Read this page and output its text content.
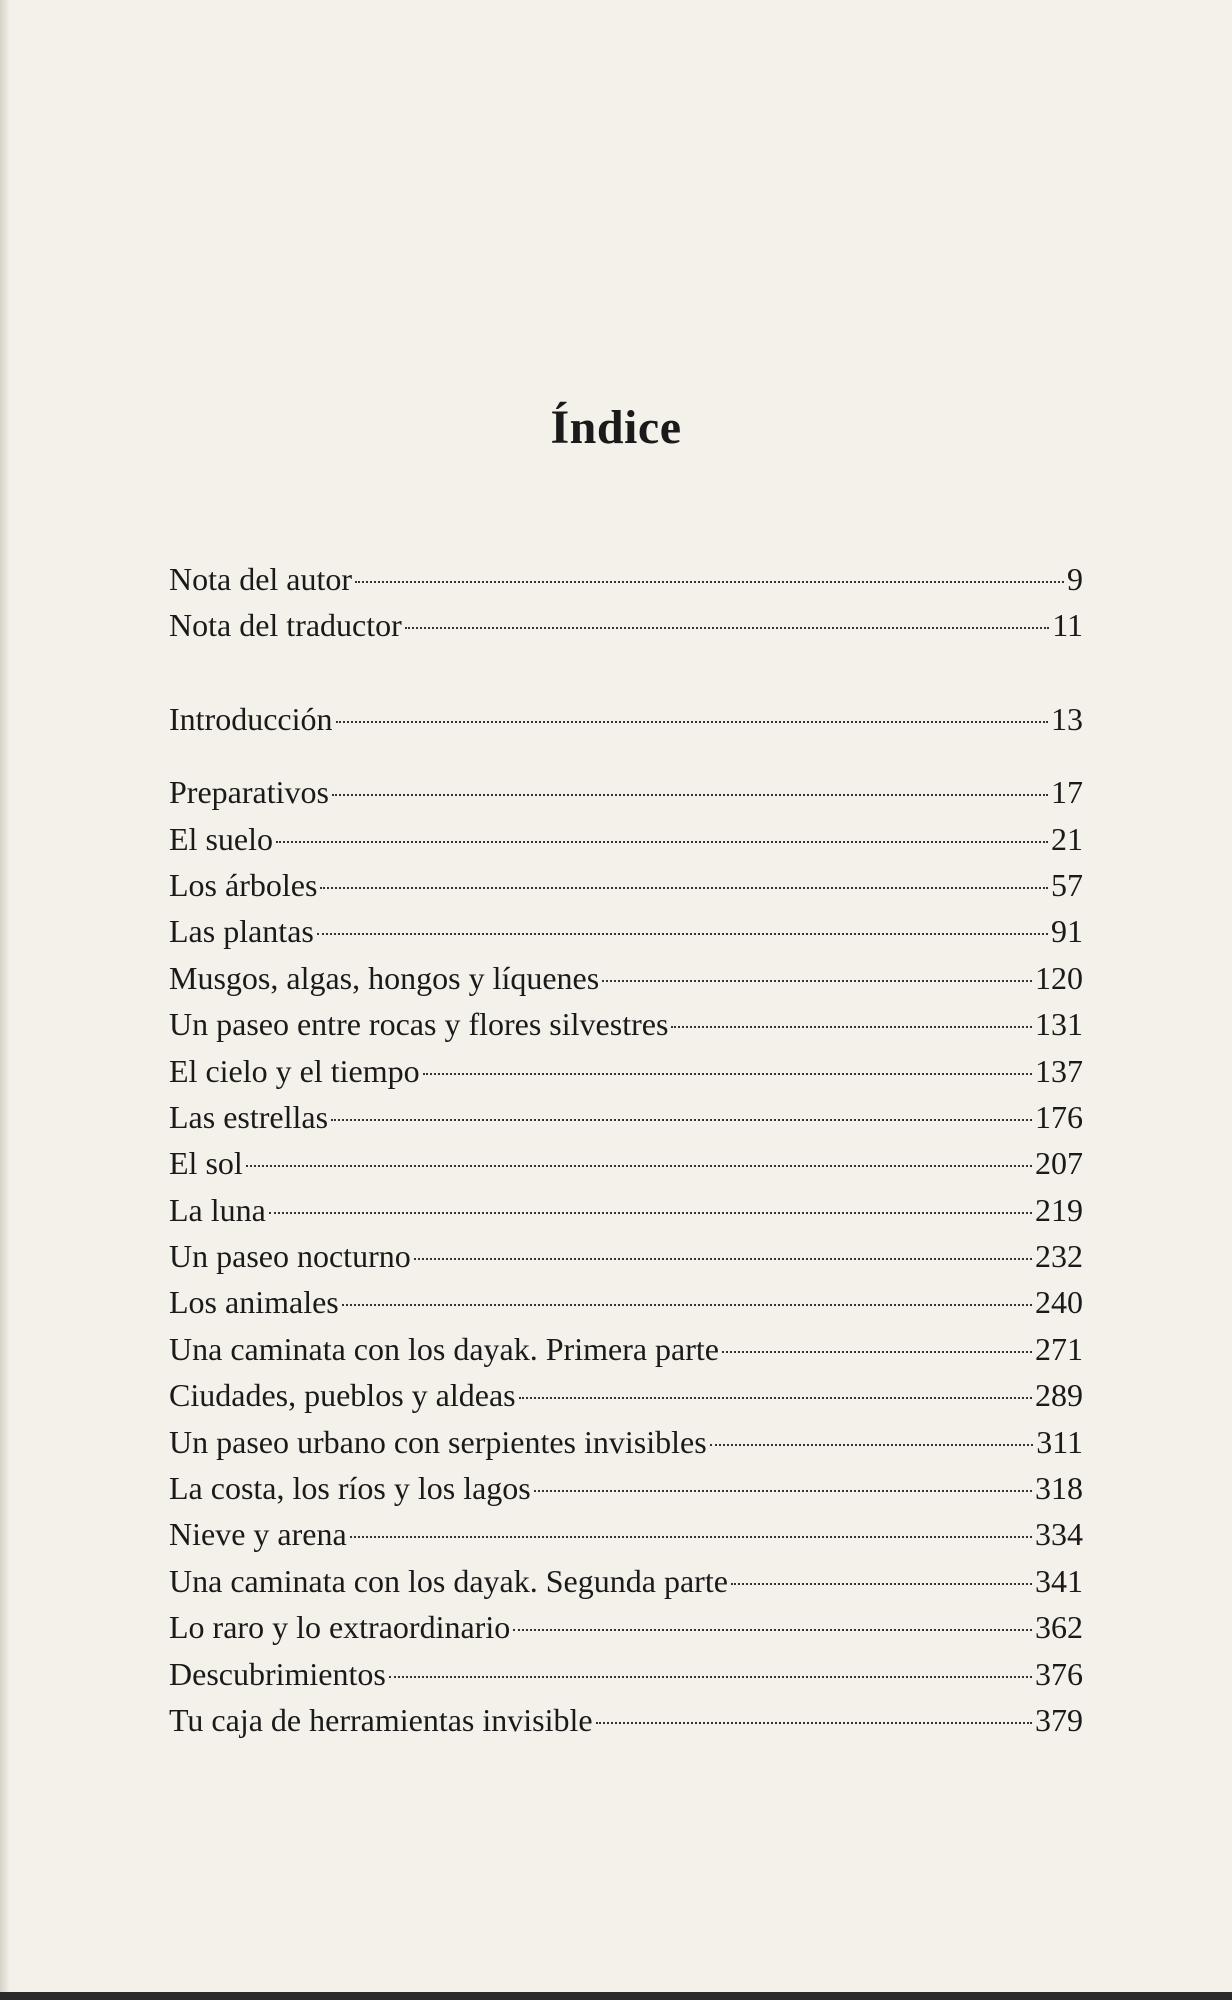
Índice
Nota del autor	9
Nota del traductor	11
Introducción	13
Preparativos	17
El suelo	21
Los árboles	57
Las plantas	91
Musgos, algas, hongos y líquenes	120
Un paseo entre rocas y flores silvestres	131
El cielo y el tiempo	137
Las estrellas	176
El sol	207
La luna	219
Un paseo nocturno	232
Los animales	240
Una caminata con los dayak. Primera parte	271
Ciudades, pueblos y aldeas	289
Un paseo urbano con serpientes invisibles	311
La costa, los ríos y los lagos	318
Nieve y arena	334
Una caminata con los dayak. Segunda parte	341
Lo raro y lo extraordinario	362
Descubrimientos	376
Tu caja de herramientas invisible	379
